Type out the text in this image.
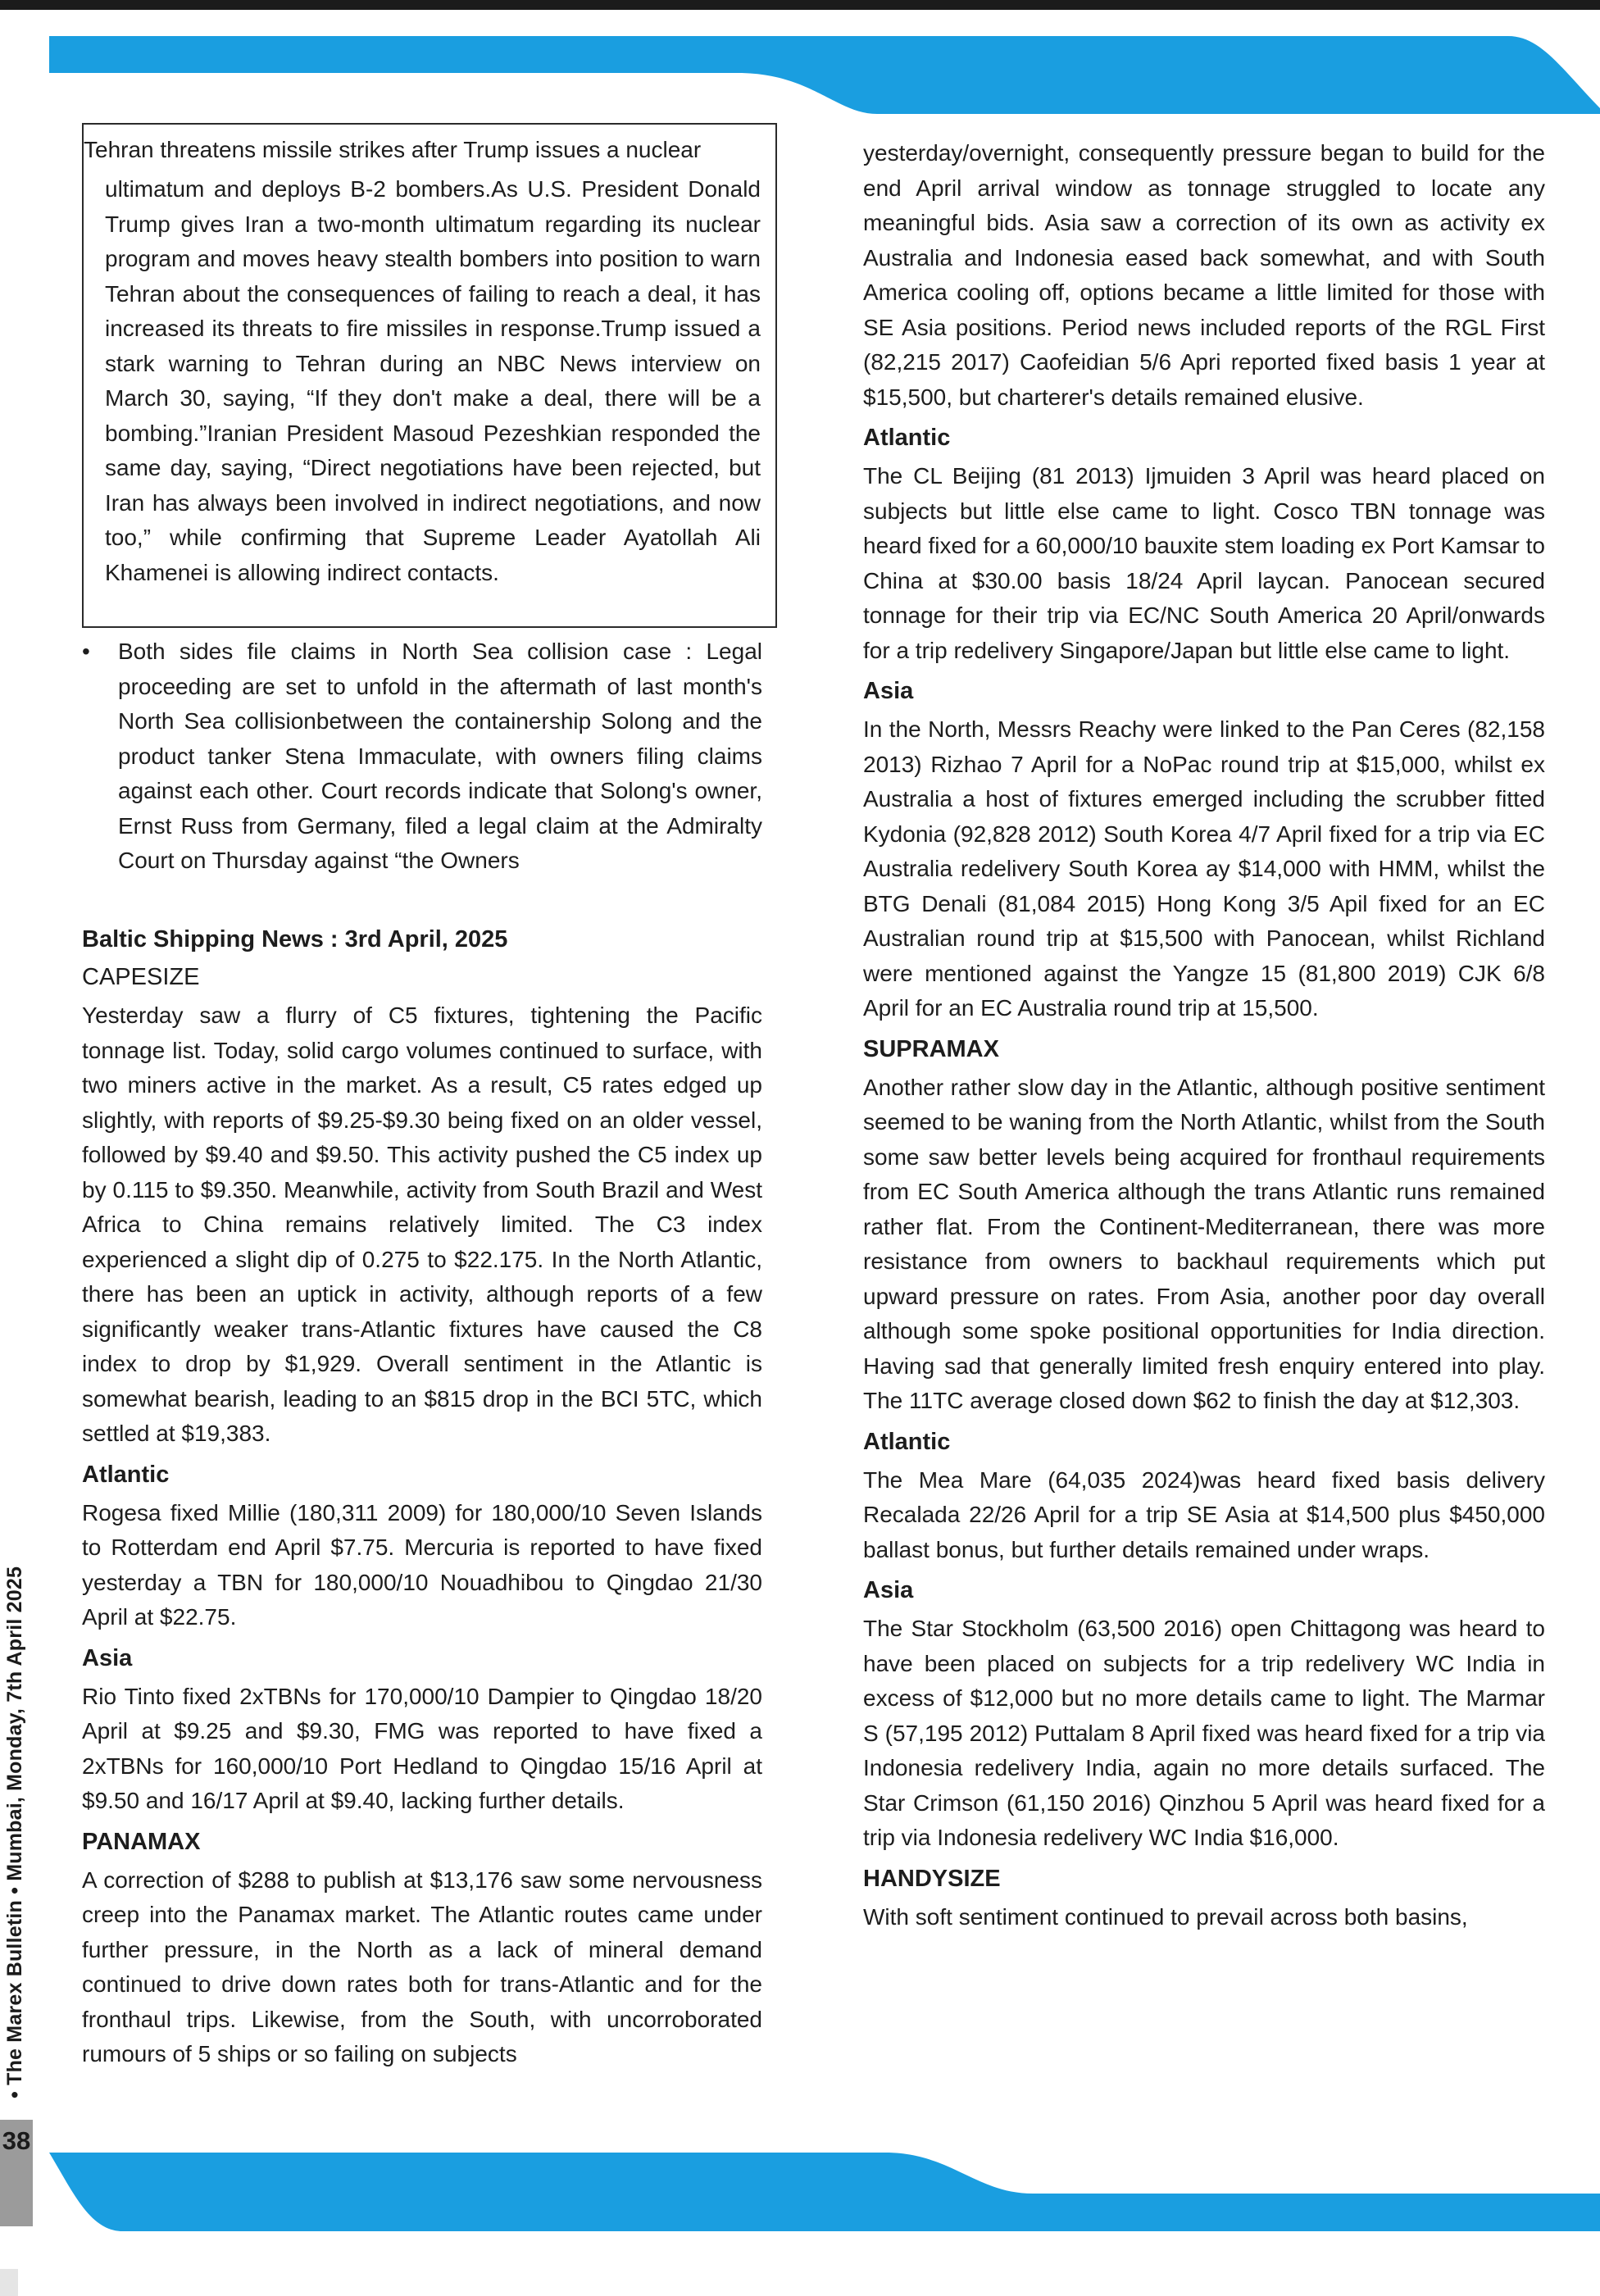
Tehran threatens missile strikes after Trump issues a nuclear

ultimatum and deploys B-2 bombers.As U.S. President Donald Trump gives Iran a two-month ultimatum regarding its nuclear program and moves heavy stealth bombers into position to warn Tehran about the consequences of failing to reach a deal, it has increased its threats to fire missiles in response.Trump issued a stark warning to Tehran during an NBC News interview on March 30, saying, “If they don't make a deal, there will be a bombing.”Iranian President Masoud Pezeshkian responded the same day, saying, “Direct negotiations have been rejected, but Iran has always been involved in indirect negotiations, and now too,” while confirming that Supreme Leader Ayatollah Ali Khamenei is allowing indirect contacts.

•	Both sides file claims in North Sea collision case : Legal proceeding are set to unfold in the aftermath of last month's North Sea collisionbetween the containership Solong and the product tanker Stena Immaculate, with owners filing claims against each other. Court records indicate that Solong's owner, Ernst Russ from Germany, filed a legal claim at the Admiralty Court on Thursday against “the Owners

Baltic Shipping News : 3rd April, 2025
CAPESIZE

Yesterday saw a flurry of C5 fixtures, tightening the Pacific tonnage list. Today, solid cargo volumes continued to surface, with two miners active in the market. As a result, C5 rates edged up slightly, with reports of $9.25-$9.30 being fixed on an older vessel, followed by $9.40 and $9.50. This activity pushed the C5 index up by 0.115 to $9.350. Meanwhile, activity from South Brazil and West Africa to China remains relatively limited. The C3 index experienced a slight dip of 0.275 to $22.175. In the North Atlantic, there has been an uptick in activity, although reports of a few significantly weaker trans-Atlantic fixtures have caused the C8 index to drop by $1,929. Overall sentiment in the Atlantic is somewhat bearish, leading to an $815 drop in the BCI 5TC, which settled at $19,383.

Atlantic

Rogesa fixed Millie (180,311 2009) for 180,000/10 Seven Islands to Rotterdam end April $7.75. Mercuria is reported to have fixed yesterday a TBN for 180,000/10 Nouadhibou to Qingdao 21/30 April at $22.75.

Asia

Rio Tinto fixed 2xTBNs for 170,000/10 Dampier to Qingdao 18/20 April at $9.25 and $9.30, FMG was reported to have fixed a 2xTBNs for 160,000/10 Port Hedland to Qingdao 15/16 April at $9.50 and 16/17 April at $9.40, lacking further details.

PANAMAX

A correction of $288 to publish at $13,176 saw some nervousness creep into the Panamax market. The Atlantic routes came under further pressure, in the North as a lack of mineral demand continued to drive down rates both for trans-Atlantic and for the fronthaul trips. Likewise, from the South, with uncorroborated rumours of 5 ships or so failing on subjects

yesterday/overnight, consequently pressure began to build for the end April arrival window as tonnage struggled to locate any meaningful bids. Asia saw a correction of its own as activity ex Australia and Indonesia eased back somewhat, and with South America cooling off, options became a little limited for those with SE Asia positions. Period news included reports of the RGL First (82,215 2017) Caofeidian 5/6 Apri reported fixed basis 1 year at $15,500, but charterer's details remained elusive.

Atlantic

The CL Beijing (81 2013) Ijmuiden 3 April was heard placed on subjects but little else came to light. Cosco TBN tonnage was heard fixed for a 60,000/10 bauxite stem loading ex Port Kamsar to China at $30.00 basis 18/24 April laycan. Panocean secured tonnage for their trip via EC/NC South America 20 April/onwards for a trip redelivery Singapore/Japan but little else came to light.

Asia

In the North, Messrs Reachy were linked to the Pan Ceres (82,158 2013) Rizhao 7 April for a NoPac round trip at $15,000, whilst ex Australia a host of fixtures emerged including the scrubber fitted Kydonia (92,828 2012) South Korea 4/7 April fixed for a trip via EC Australia redelivery South Korea ay $14,000 with HMM, whilst the BTG Denali (81,084 2015) Hong Kong 3/5 Apil fixed for an EC Australian round trip at $15,500 with Panocean, whilst Richland were mentioned against the Yangze 15 (81,800 2019) CJK 6/8 April for an EC Australia round trip at 15,500.

SUPRAMAX

Another rather slow day in the Atlantic, although positive sentiment seemed to be waning from the North Atlantic, whilst from the South some saw better levels being acquired for fronthaul requirements from EC South America although the trans Atlantic runs remained rather flat. From the Continent-Mediterranean, there was more resistance from owners to backhaul requirements which put upward pressure on rates. From Asia, another poor day overall although some spoke positional opportunities for India direction. Having sad that generally limited fresh enquiry entered into play. The 11TC average closed down $62 to finish the day at $12,303.

Atlantic

The Mea Mare (64,035 2024)was heard fixed basis delivery Recalada 22/26 April for a trip SE Asia at $14,500 plus $450,000 ballast bonus, but further details remained under wraps.

Asia

The Star Stockholm (63,500 2016) open Chittagong was heard to have been placed on subjects for a trip redelivery WC India in excess of $12,000 but no more details came to light. The Marmar S (57,195 2012) Puttalam 8 April fixed was heard fixed for a trip via Indonesia redelivery India, again no more details surfaced. The Star Crimson (61,150 2016) Qinzhou 5 April was heard fixed for a trip via Indonesia redelivery WC India $16,000.

HANDYSIZE

With soft sentiment continued to prevail across both basins,

• The Marex Bulletin • Mumbai, Monday, 7th April 2025
38
